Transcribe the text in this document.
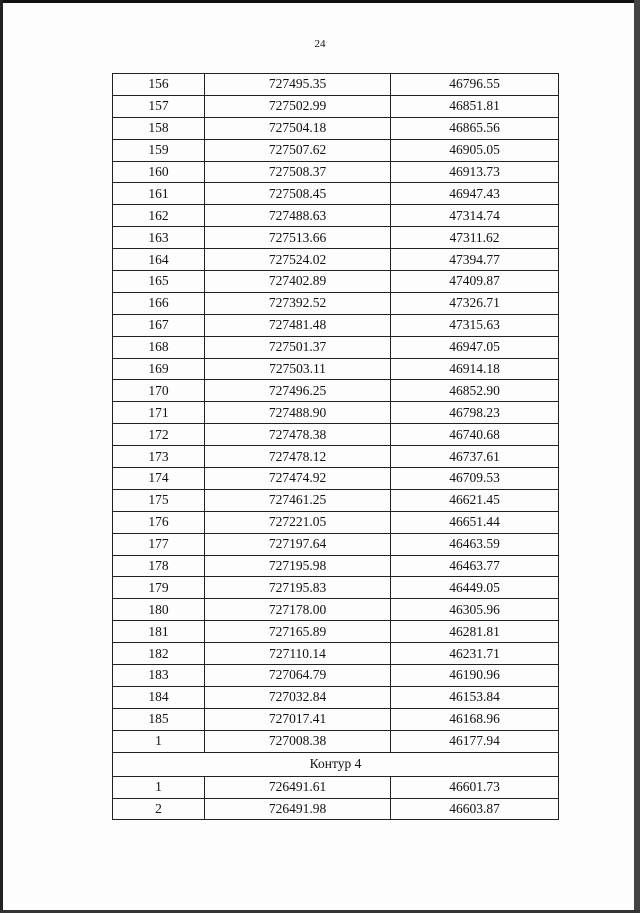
24
156	727495.35	46796.55
157	727502.99	46851.81
158	727504.18	46865.56
159	727507.62	46905.05
160	727508.37	46913.73
161	727508.45	46947.43
162	727488.63	47314.74
163	727513.66	47311.62
164	727524.02	47394.77
165	727402.89	47409.87
166	727392.52	47326.71
167	727481.48	47315.63
168	727501.37	46947.05
169	727503.11	46914.18
170	727496.25	46852.90
171	727488.90	46798.23
172	727478.38	46740.68
173	727478.12	46737.61
174	727474.92	46709.53
175	727461.25	46621.45
176	727221.05	46651.44
177	727197.64	46463.59
178	727195.98	46463.77
179	727195.83	46449.05
180	727178.00	46305.96
181	727165.89	46281.81
182	727110.14	46231.71
183	727064.79	46190.96
184	727032.84	46153.84
185	727017.41	46168.96
1	727008.38	46177.94
Контур 4		
1	726491.61	46601.73
2	726491.98	46603.87
